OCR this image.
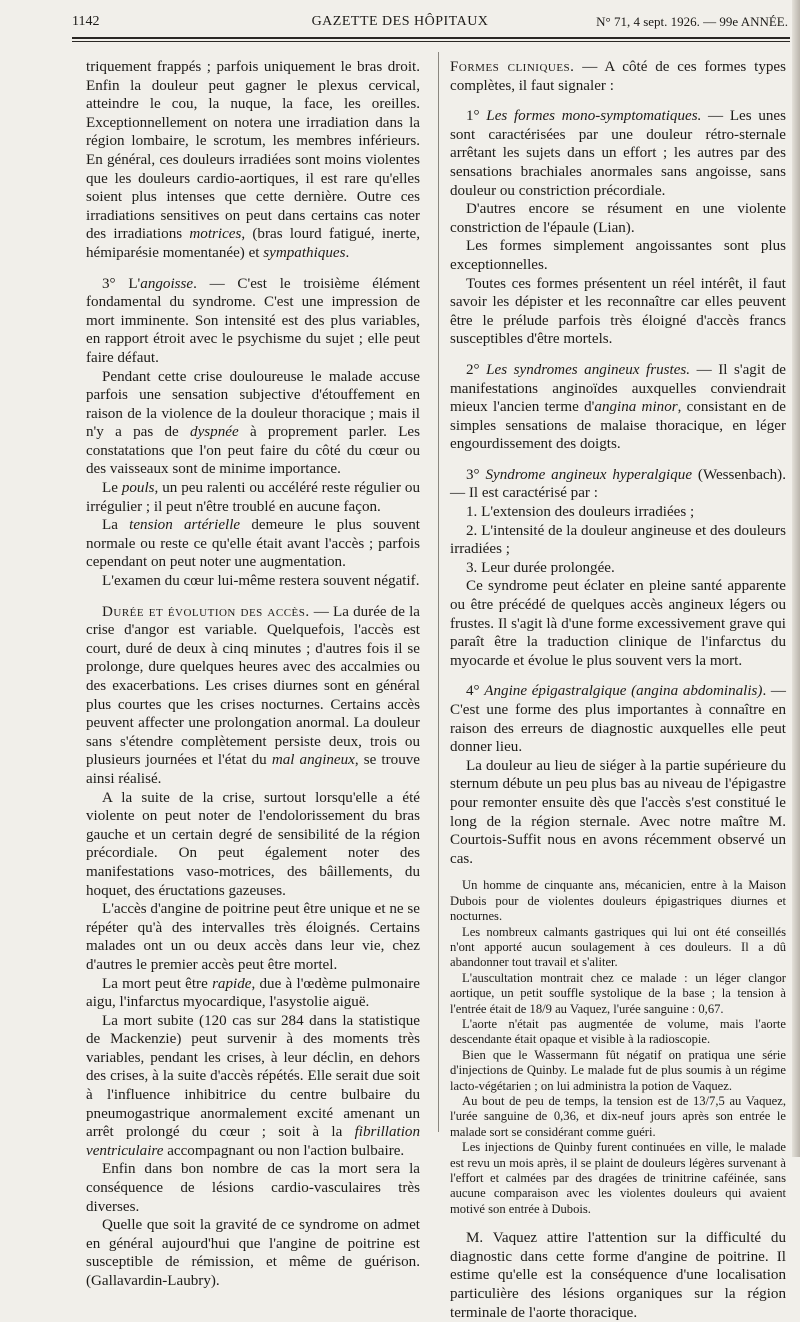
1142	GAZETTE DES HÔPITAUX	N° 71, 4 sept. 1926. — 99e ANNÉE.

triquement frappés ; parfois uniquement le bras droit. Enfin la douleur peut gagner le plexus cervical, atteindre le cou, la nuque, la face, les oreilles. Exceptionnellement on notera une irradiation dans la région lombaire, le scrotum, les membres inférieurs. En général, ces douleurs irradiées sont moins violentes que les douleurs cardio-aortiques, il est rare qu'elles soient plus intenses que cette dernière. Outre ces irradiations sensitives on peut dans certains cas noter des irradiations motrices, (bras lourd fatigué, inerte, hémiparésie momentanée) et sympathiques.

3° L'angoisse. — C'est le troisième élément fondamental du syndrome. C'est une impression de mort imminente. Son intensité est des plus variables, en rapport étroit avec le psychisme du sujet ; elle peut faire défaut.

Pendant cette crise douloureuse le malade accuse parfois une sensation subjective d'étouffement en raison de la violence de la douleur thoracique ; mais il n'y a pas de dyspnée à proprement parler. Les constatations que l'on peut faire du côté du cœur ou des vaisseaux sont de minime importance.

Le pouls, un peu ralenti ou accéléré reste régulier ou irrégulier ; il peut n'être troublé en aucune façon.

La tension artérielle demeure le plus souvent normale ou reste ce qu'elle était avant l'accès ; parfois cependant on peut noter une augmentation.

L'examen du cœur lui-même restera souvent négatif.

Durée et évolution des accès. — La durée de la crise d'angor est variable. Quelquefois, l'accès est court, duré de deux à cinq minutes ; d'autres fois il se prolonge, dure quelques heures avec des accalmies ou des exacerbations. Les crises diurnes sont en général plus courtes que les crises nocturnes. Certains accès peuvent affecter une prolongation anormal. La douleur sans s'étendre complètement persiste deux, trois ou plusieurs journées et l'état du mal angineux, se trouve ainsi réalisé.

A la suite de la crise, surtout lorsqu'elle a été violente on peut noter de l'endolorissement du bras gauche et un certain degré de sensibilité de la région précordiale. On peut également noter des manifestations vaso-motrices, des bâillements, du hoquet, des éructations gazeuses.

L'accès d'angine de poitrine peut être unique et ne se répéter qu'à des intervalles très éloignés. Certains malades ont un ou deux accès dans leur vie, chez d'autres le premier accès peut être mortel.

La mort peut être rapide, due à l'œdème pulmonaire aigu, l'infarctus myocardique, l'asystolie aiguë.

La mort subite (120 cas sur 284 dans la statistique de Mackenzie) peut survenir à des moments très variables, pendant les crises, à leur déclin, en dehors des crises, à la suite d'accès répétés. Elle serait due soit à l'influence inhibitrice du centre bulbaire du pneumogastrique anormalement excité amenant un arrêt prolongé du cœur ; soit à la fibrillation ventriculaire accompagnant ou non l'action bulbaire.

Enfin dans bon nombre de cas la mort sera la conséquence de lésions cardio-vasculaires très diverses.

Quelle que soit la gravité de ce syndrome on admet en général aujourd'hui que l'angine de poitrine est susceptible de rémission, et même de guérison. (Gallavardin-Laubry).

Formes cliniques. — A côté de ces formes types complètes, il faut signaler :

1° Les formes mono-symptomatiques. — Les unes sont caractérisées par une douleur rétro-sternale arrêtant les sujets dans un effort ; les autres par des sensations brachiales anormales sans angoisse, sans douleur ou constriction précordiale.

D'autres encore se résument en une violente constriction de l'épaule (Lian).

Les formes simplement angoissantes sont plus exceptionnelles.

Toutes ces formes présentent un réel intérêt, il faut savoir les dépister et les reconnaître car elles peuvent être le prélude parfois très éloigné d'accès francs susceptibles d'être mortels.

2° Les syndromes angineux frustes. — Il s'agit de manifestations anginoïdes auxquelles conviendrait mieux l'ancien terme d'angina minor, consistant en de simples sensations de malaise thoracique, en léger engourdissement des doigts.

3° Syndrome angineux hyperalgique (Wessenbach). — Il est caractérisé par :

1. L'extension des douleurs irradiées ;

2. L'intensité de la douleur angineuse et des douleurs irradiées ;

3. Leur durée prolongée.

Ce syndrome peut éclater en pleine santé apparente ou être précédé de quelques accès angineux légers ou frustes. Il s'agit là d'une forme excessivement grave qui paraît être la traduction clinique de l'infarctus du myocarde et évolue le plus souvent vers la mort.

4° Angine épigastralgique (angina abdominalis). — C'est une forme des plus importantes à connaître en raison des erreurs de diagnostic auxquelles elle peut donner lieu.

La douleur au lieu de siéger à la partie supérieure du sternum débute un peu plus bas au niveau de l'épigastre pour remonter ensuite dès que l'accès s'est constitué le long de la région sternale. Avec notre maître M. Courtois-Suffit nous en avons récemment observé un cas.

Un homme de cinquante ans, mécanicien, entre à la Maison Dubois pour de violentes douleurs épigastriques diurnes et nocturnes.

Les nombreux calmants gastriques qui lui ont été conseillés n'ont apporté aucun soulagement à ces douleurs. Il a dû abandonner tout travail et s'aliter.

L'auscultation montrait chez ce malade : un léger clangor aortique, un petit souffle systolique de la base ; la tension à l'entrée était de 18/9 au Vaquez, l'urée sanguine : 0,67.

L'aorte n'était pas augmentée de volume, mais l'aorte descendante était opaque et visible à la radioscopie.

Bien que le Wassermann fût négatif on pratiqua une série d'injections de Quinby. Le malade fut de plus soumis à un régime lacto-végétarien ; on lui administra la potion de Vaquez.

Au bout de peu de temps, la tension est de 13/7,5 au Vaquez, l'urée sanguine de 0,36, et dix-neuf jours après son entrée le malade sort se considérant comme guéri.

Les injections de Quinby furent continuées en ville, le malade est revu un mois après, il se plaint de douleurs légères survenant à l'effort et calmées par des dragées de trinitrine caféinée, sans aucune comparaison avec les violentes douleurs qui avaient motivé son entrée à Dubois.

M. Vaquez attire l'attention sur la difficulté du diagnostic dans cette forme d'angine de poitrine. Il estime qu'elle est la conséquence d'une localisation particulière des lésions organiques sur la région terminale de l'aorte thoracique.
